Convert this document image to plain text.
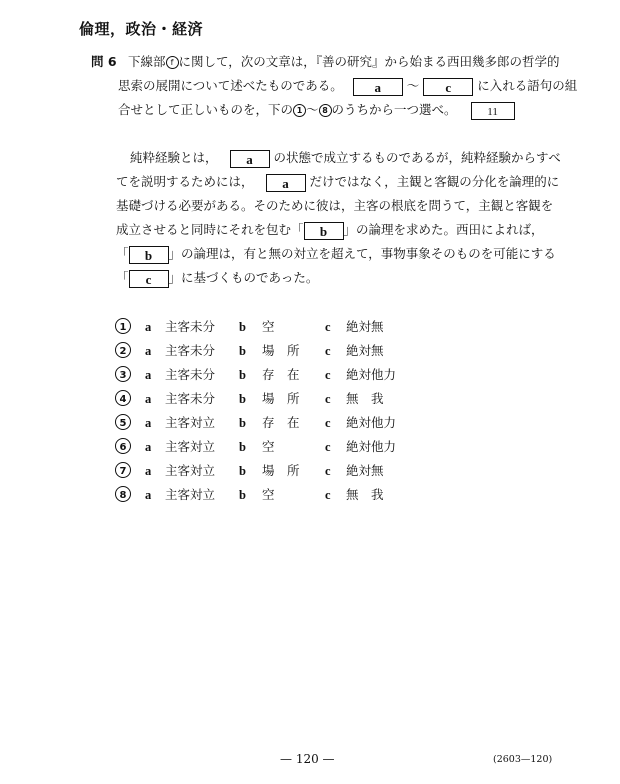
倫理，政治・経済
問 6 下線部 f に関して，次の文章は，『善の研究』から始まる西田幾多郎の哲学的
思索の展開について述べたものである。 a 〜 c に入れる語句の組
合せとして正しいものを，下の 1 〜 8 のうちから一つ選べ。	11
純粋経験とは， a の状態で成立するものであるが，純粋経験からすべ
てを説明するためには， a だけではなく，主観と客観の分化を論理的に
基礎づける必要がある。そのために彼は，主客の根底を問うて，主観と客観を
成立させると同時にそれを包む「 b 」の論理を求めた。西田によれば，
「 b 」の論理は，有と無の対立を超えて，事物事象そのものを可能にする
「 c 」に基づくものであった。
1	a 主客未分 b 空	c 絶対無
2	a 主客未分 b 場　所 c 絶対無
3	a 主客未分 b 存　在 c 絶対他力
4	a 主客未分 b 場　所 c 無　我
5	a 主客対立 b 存　在 c 絶対他力
6	a 主客対立 b 空	c 絶対他力
7	a 主客対立 b 場　所 c 絶対無
8	a 主客対立 b 空	c 無　我
— 120 —	(2603—120)
